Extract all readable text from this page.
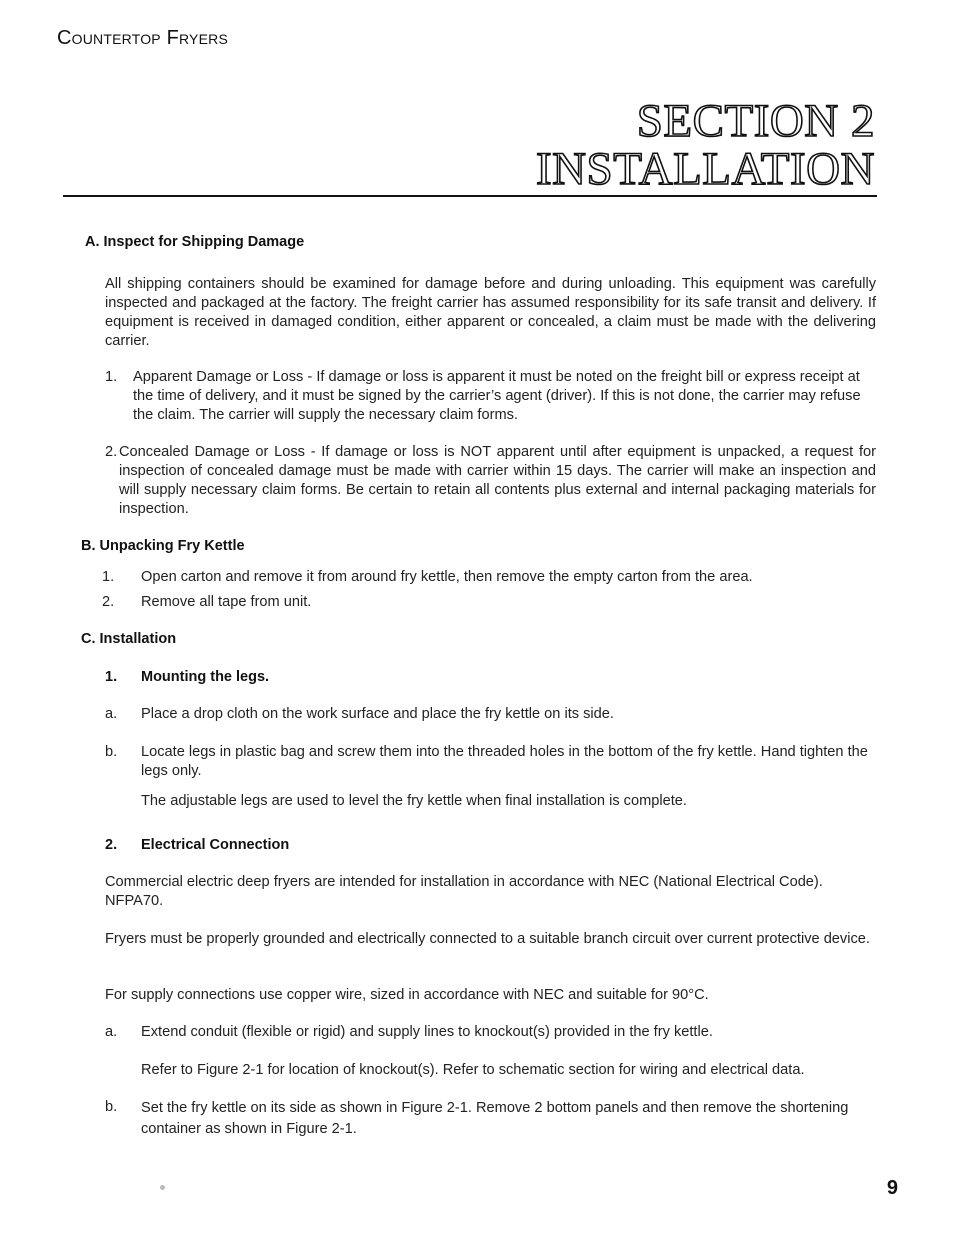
Countertop Fryers
SECTION 2
INSTALLATION
A. Inspect for Shipping Damage
All shipping containers should be examined for damage before and during unloading. This equipment was carefully inspected and packaged at the factory. The freight carrier has assumed responsibility for its safe transit and delivery. If equipment is received in damaged condition, either apparent or concealed, a claim must be made with the delivering carrier.
1. Apparent Damage or Loss - If damage or loss is apparent it must be noted on the freight bill or express receipt at the time of delivery, and it must be signed by the carrier’s agent (driver). If this is not done, the carrier may refuse the claim. The carrier will supply the necessary claim forms.
2. Concealed Damage or Loss - If damage or loss is NOT apparent until after equipment is unpacked, a request for inspection of concealed damage must be made with carrier within 15 days. The carrier will make an inspection and will supply necessary claim forms. Be certain to retain all contents plus external and internal packaging materials for inspection.
B. Unpacking Fry Kettle
1. Open carton and remove it from around fry kettle, then remove the empty carton from the area.
2. Remove all tape from unit.
C. Installation
1. Mounting the legs.
a. Place a drop cloth on the work surface and place the fry kettle on its side.
b. Locate legs in plastic bag and screw them into the threaded holes in the bottom of the fry kettle. Hand tighten the legs only.
The adjustable legs are used to level the fry kettle when final installation is complete.
2. Electrical Connection
Commercial electric deep fryers are intended for installation in accordance with NEC (National Electrical Code). NFPA70.
Fryers must be properly grounded and electrically connected to a suitable branch circuit over current protective device.
For supply connections use copper wire, sized in accordance with NEC and suitable for 90°C.
a. Extend conduit (flexible or rigid) and supply lines to knockout(s) provided in the fry kettle.
Refer to Figure 2-1 for location of knockout(s). Refer to schematic section for wiring and electrical data.
b. Set the fry kettle on its side as shown in Figure 2-1. Remove 2 bottom panels and then remove the shortening container as shown in Figure 2-1.
9
